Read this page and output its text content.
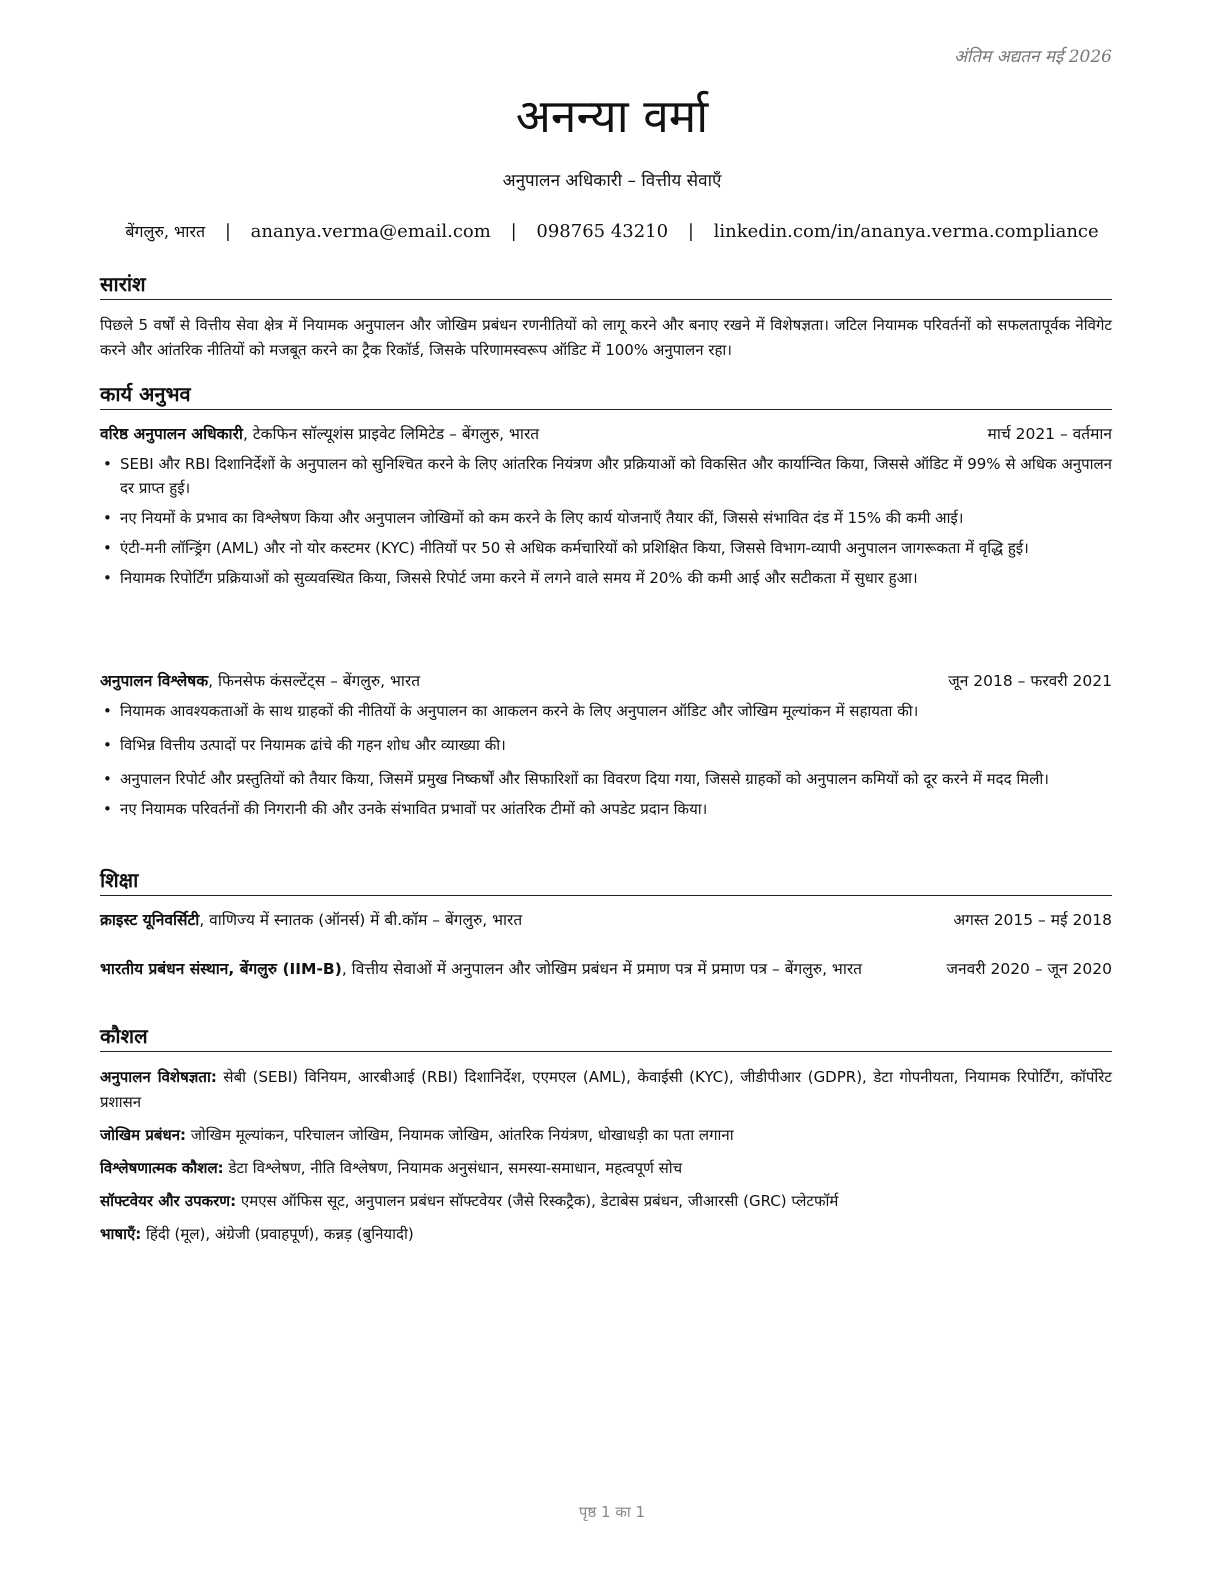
अंतिम अद्यतन मई 2026
अनन्या वर्मा
अनुपालन अधिकारी – वित्तीय सेवाएँ
बेंगलुरु, भारत | ananya.verma@email.com | 098765 43210 | linkedin.com/in/ananya.verma.compliance
सारांश
पिछले 5 वर्षों से वित्तीय सेवा क्षेत्र में नियामक अनुपालन और जोखिम प्रबंधन रणनीतियों को लागू करने और बनाए रखने में विशेषज्ञता। जटिल नियामक परिवर्तनों को सफलतापूर्वक नेविगेट करने और आंतरिक नीतियों को मजबूत करने का ट्रैक रिकॉर्ड, जिसके परिणामस्वरूप ऑडिट में 100% अनुपालन रहा।
कार्य अनुभव
वरिष्ठ अनुपालन अधिकारी, टेकफिन सॉल्यूशंस प्राइवेट लिमिटेड – बेंगलुरु, भारत	मार्च 2021 – वर्तमान
• SEBI और RBI दिशानिर्देशों के अनुपालन को सुनिश्चित करने के लिए आंतरिक नियंत्रण और प्रक्रियाओं को विकसित और कार्यान्वित किया, जिससे ऑडिट में 99% से अधिक अनुपालन दर प्राप्त हुई।
• नए नियमों के प्रभाव का विश्लेषण किया और अनुपालन जोखिमों को कम करने के लिए कार्य योजनाएँ तैयार कीं, जिससे संभावित दंड में 15% की कमी आई।
• एंटी-मनी लॉन्ड्रिंग (AML) और नो योर कस्टमर (KYC) नीतियों पर 50 से अधिक कर्मचारियों को प्रशिक्षित किया, जिससे विभाग-व्यापी अनुपालन जागरूकता में वृद्धि हुई।
• नियामक रिपोर्टिंग प्रक्रियाओं को सुव्यवस्थित किया, जिससे रिपोर्ट जमा करने में लगने वाले समय में 20% की कमी आई और सटीकता में सुधार हुआ।
अनुपालन विश्लेषक, फिनसेफ कंसल्टेंट्स – बेंगलुरु, भारत	जून 2018 – फरवरी 2021
• नियामक आवश्यकताओं के साथ ग्राहकों की नीतियों के अनुपालन का आकलन करने के लिए अनुपालन ऑडिट और जोखिम मूल्यांकन में सहायता की।
• विभिन्न वित्तीय उत्पादों पर नियामक ढांचे की गहन शोध और व्याख्या की।
• अनुपालन रिपोर्ट और प्रस्तुतियों को तैयार किया, जिसमें प्रमुख निष्कर्षों और सिफारिशों का विवरण दिया गया, जिससे ग्राहकों को अनुपालन कमियों को दूर करने में मदद मिली।
• नए नियामक परिवर्तनों की निगरानी की और उनके संभावित प्रभावों पर आंतरिक टीमों को अपडेट प्रदान किया।
शिक्षा
क्राइस्ट यूनिवर्सिटी, वाणिज्य में स्नातक (ऑनर्स) में बी.कॉम – बेंगलुरु, भारत	अगस्त 2015 – मई 2018
भारतीय प्रबंधन संस्थान, बेंगलुरु (IIM-B), वित्तीय सेवाओं में अनुपालन और जोखिम प्रबंधन में प्रमाण पत्र में प्रमाण पत्र – बेंगलुरु, भारत	जनवरी 2020 – जून 2020
कौशल
अनुपालन विशेषज्ञता: सेबी (SEBI) विनियम, आरबीआई (RBI) दिशानिर्देश, एएमएल (AML), केवाईसी (KYC), जीडीपीआर (GDPR), डेटा गोपनीयता, नियामक रिपोर्टिंग, कॉर्पोरेट प्रशासन
जोखिम प्रबंधन: जोखिम मूल्यांकन, परिचालन जोखिम, नियामक जोखिम, आंतरिक नियंत्रण, धोखाधड़ी का पता लगाना
विश्लेषणात्मक कौशल: डेटा विश्लेषण, नीति विश्लेषण, नियामक अनुसंधान, समस्या-समाधान, महत्वपूर्ण सोच
सॉफ्टवेयर और उपकरण: एमएस ऑफिस सूट, अनुपालन प्रबंधन सॉफ्टवेयर (जैसे रिस्कट्रैक), डेटाबेस प्रबंधन, जीआरसी (GRC) प्लेटफॉर्म
भाषाएँ: हिंदी (मूल), अंग्रेजी (प्रवाहपूर्ण), कन्नड़ (बुनियादी)
पृष्ठ 1 का 1
